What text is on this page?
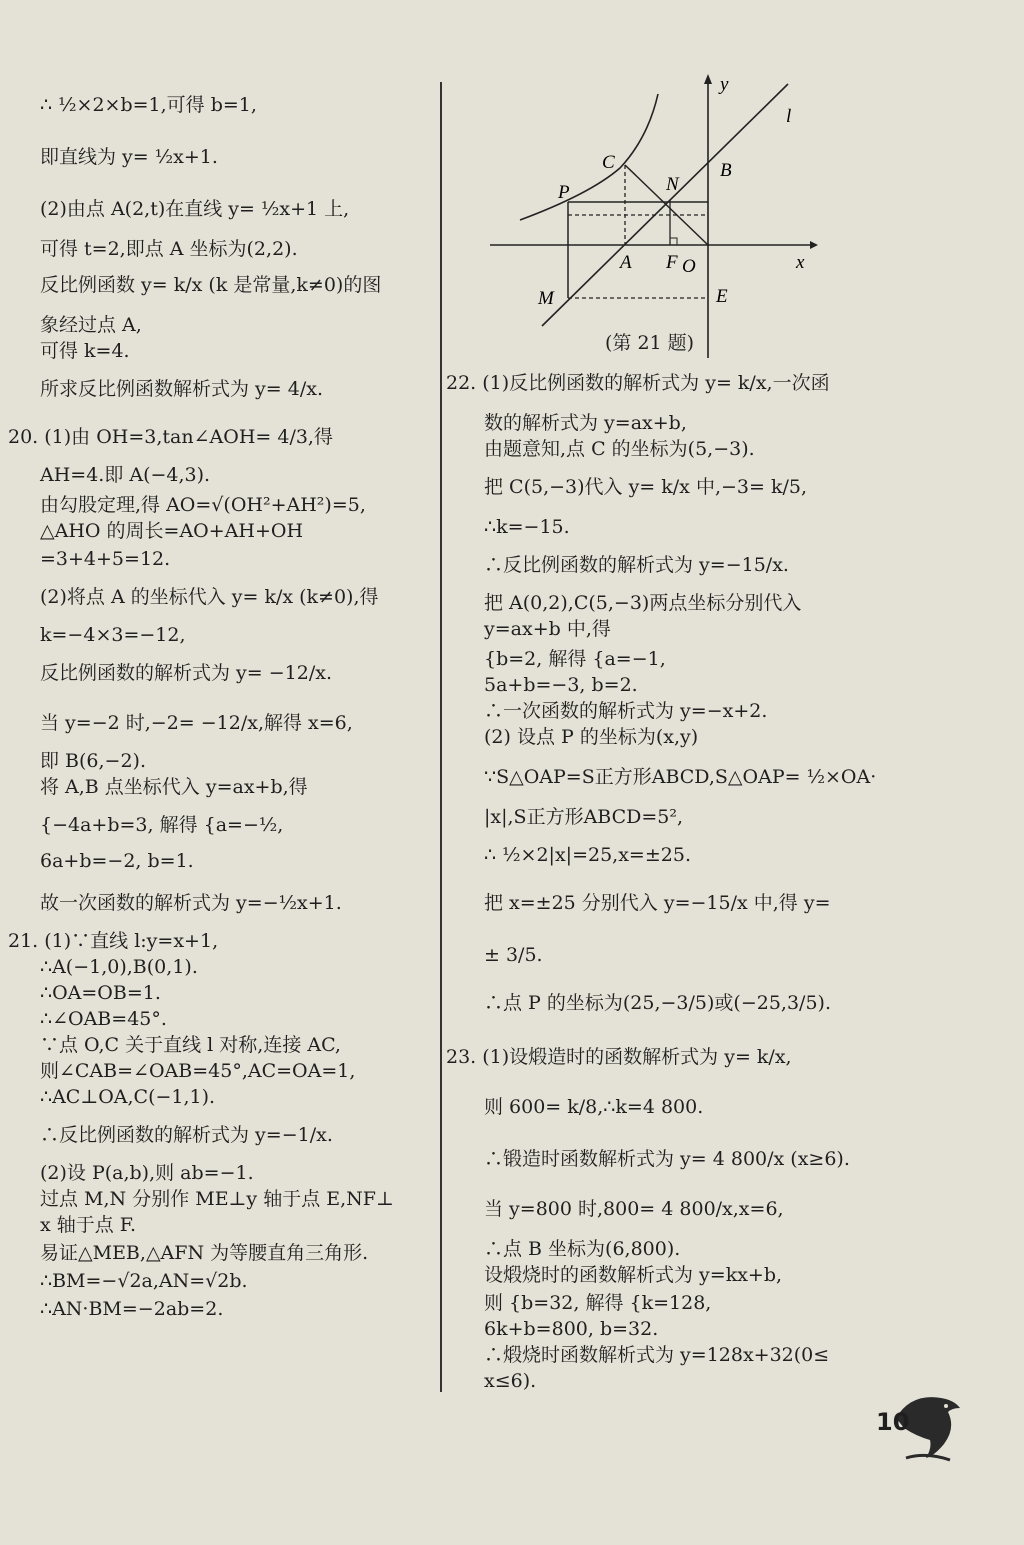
∴ ½×2×b=1,可得 b=1,
即直线为 y= ½x+1.
(2)由点 A(2,t)在直线 y= ½x+1 上,
可得 t=2,即点 A 坐标为(2,2).
反比例函数 y= k/x (k 是常量,k≠0)的图
象经过点 A,
可得 k=4.
所求反比例函数解析式为 y= 4/x.
20. (1)由 OH=3,tan∠AOH= 4/3,得
AH=4.即 A(−4,3).
由勾股定理,得 AO=√(OH²+AH²)=5,
△AHO 的周长=AO+AH+OH
=3+4+5=12.
(2)将点 A 的坐标代入 y= k/x (k≠0),得
k=−4×3=−12,
反比例函数的解析式为 y= −12/x.
当 y=−2 时,−2= −12/x,解得 x=6,
即 B(6,−2).
将 A,B 点坐标代入 y=ax+b,得
{−4a+b=3, 解得 {a=−½,
6a+b=−2, b=1.
故一次函数的解析式为 y=−½x+1.
21. (1)∵直线 l:y=x+1,
∴A(−1,0),B(0,1).
∴OA=OB=1.
∴∠OAB=45°.
∵点 O,C 关于直线 l 对称,连接 AC,
则∠CAB=∠OAB=45°,AC=OA=1,
∴AC⊥OA,C(−1,1).
∴反比例函数的解析式为 y=−1/x.
(2)设 P(a,b),则 ab=−1.
过点 M,N 分别作 ME⊥y 轴于点 E,NF⊥
x 轴于点 F.
易证△MEB,△AFN 为等腰直角三角形.
∴BM=−√2a,AN=√2b.
∴AN·BM=−2ab=2.
22. (1)反比例函数的解析式为 y= k/x,一次函
数的解析式为 y=ax+b,
由题意知,点 C 的坐标为(5,−3).
把 C(5,−3)代入 y= k/x 中,−3= k/5,
∴k=−15.
∴反比例函数的解析式为 y=−15/x.
把 A(0,2),C(5,−3)两点坐标分别代入
y=ax+b 中,得
{b=2, 解得 {a=−1,
5a+b=−3, b=2.
∴一次函数的解析式为 y=−x+2.
(2) 设点 P 的坐标为(x,y)
∵S△OAP=S正方形ABCD,S△OAP= ½×OA·
|x|,S正方形ABCD=5²,
∴ ½×2|x|=25,x=±25.
把 x=±25 分别代入 y=−15/x 中,得 y=
± 3/5.
∴点 P 的坐标为(25,−3/5)或(−25,3/5).
23. (1)设煅造时的函数解析式为 y= k/x,
则 600= k/8,∴k=4 800.
∴锻造时函数解析式为 y= 4 800/x (x≥6).
当 y=800 时,800= 4 800/x,x=6,
∴点 B 坐标为(6,800).
设煅烧时的函数解析式为 y=kx+b,
则 {b=32, 解得 {k=128,
6k+b=800, b=32.
∴煅烧时函数解析式为 y=128x+32(0≤
x≤6).
y
l
C	B
N
P
A F O	x
M	E
(第 21 题)
10
